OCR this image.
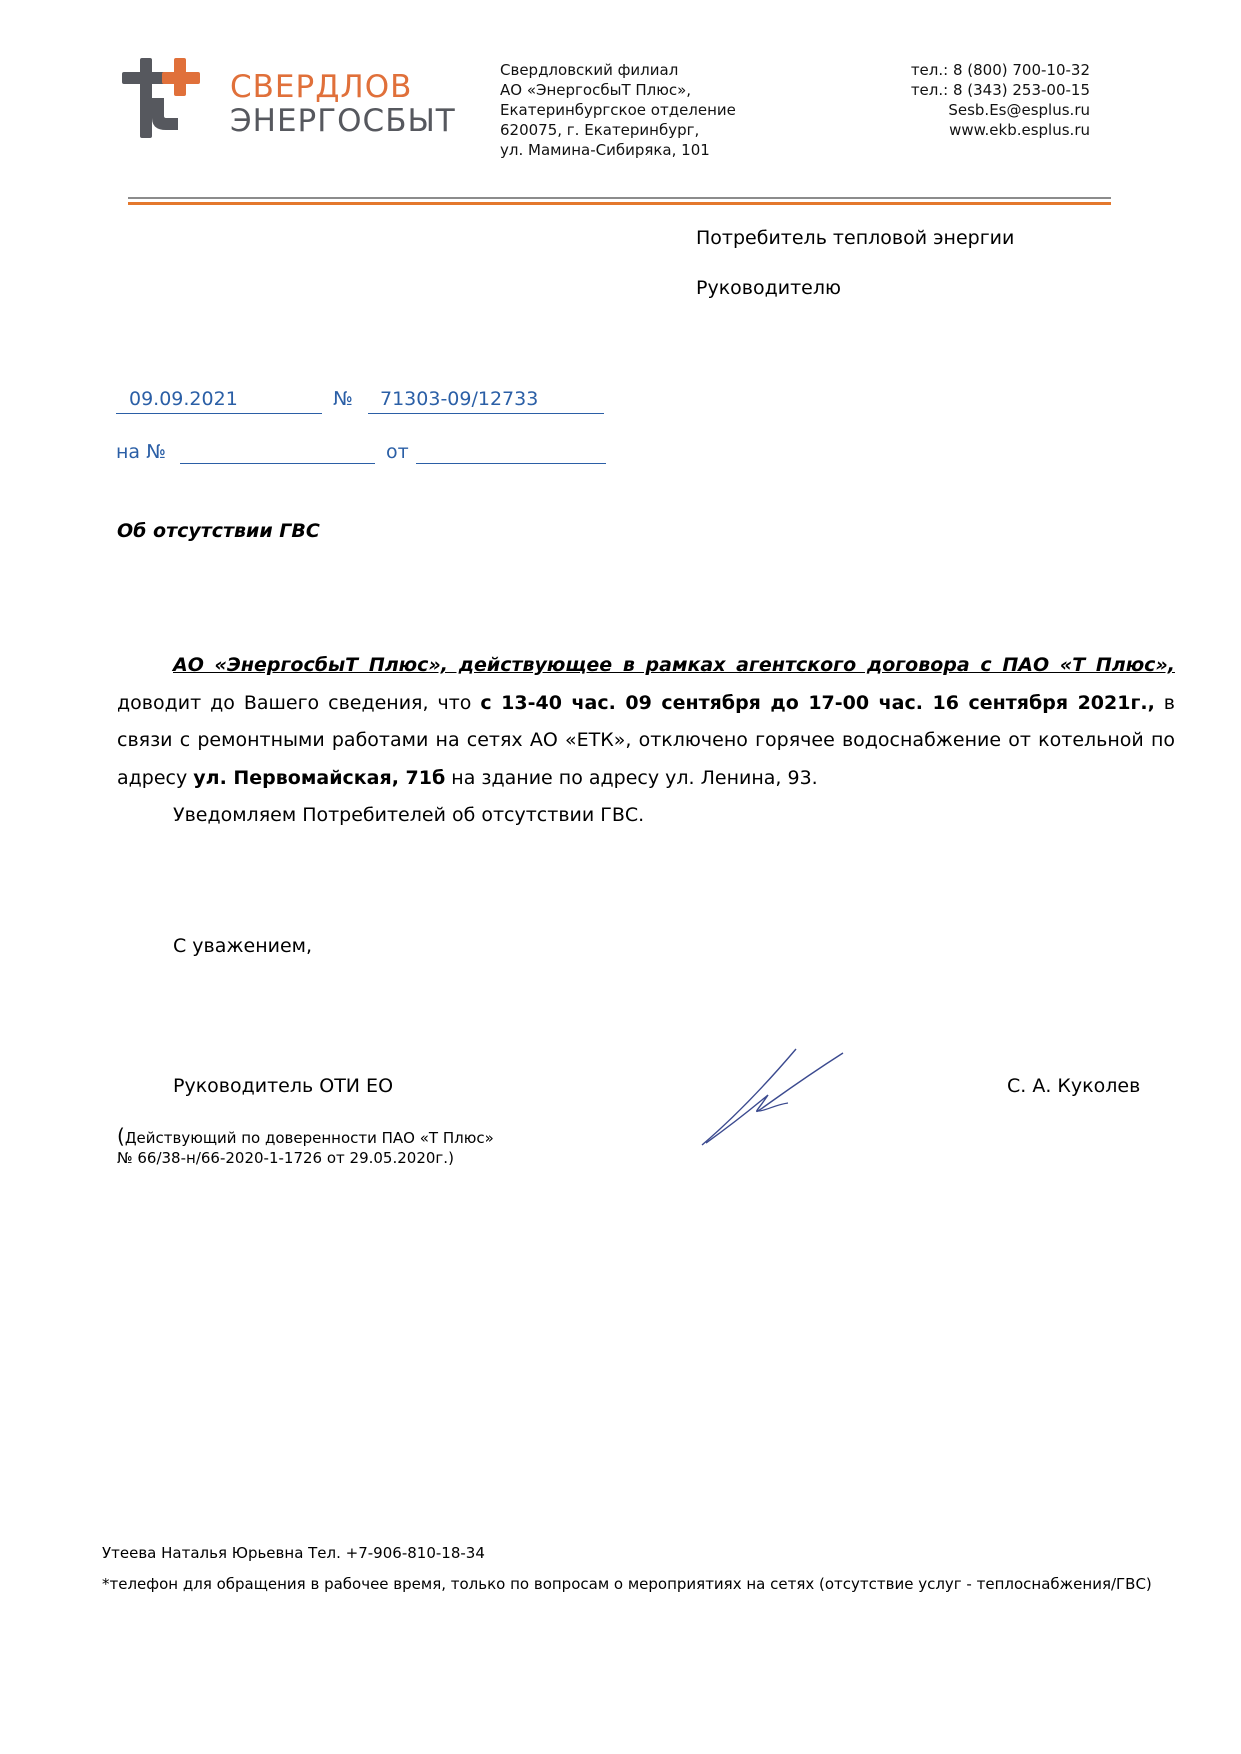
СВЕРДЛОВ
ЭНЕРГОСБЫТ
Свердловский филиал
АО «ЭнергосбыТ Плюс»,
Екатеринбургское отделение
620075, г. Екатеринбург,
ул. Мамина-Сибиряка, 101
тел.: 8 (800) 700-10-32
тел.: 8 (343) 253-00-15
Sesb.Es@esplus.ru
www.ekb.esplus.ru
Потребитель тепловой энергии
Руководителю
09.09.2021	№ 71303-09/12733
на №	от
Об отсутствии ГВС

АО «ЭнергосбыТ Плюс», действующее в рамках агентского договора с ПАО «Т Плюс», доводит до Вашего сведения, что с 13-40 час. 09 сентября до 17-00 час. 16 сентября 2021г., в связи с ремонтными работами на сетях АО «ЕТК», отключено горячее водоснабжение от котельной по адресу ул. Первомайская, 71б на здание по адресу ул. Ленина, 93.

Уведомляем Потребителей об отсутствии ГВС.

С уважением,
Руководитель ОТИ ЕО	С. А. Куколев
(Действующий по доверенности ПАО «Т Плюс»
№ 66/38-н/66-2020-1-1726 от 29.05.2020г.)
Утеева Наталья Юрьевна Тел. +7-906-810-18-34
*телефон для обращения в рабочее время, только по вопросам о мероприятиях на сетях (отсутствие услуг - теплоснабжения/ГВС)
